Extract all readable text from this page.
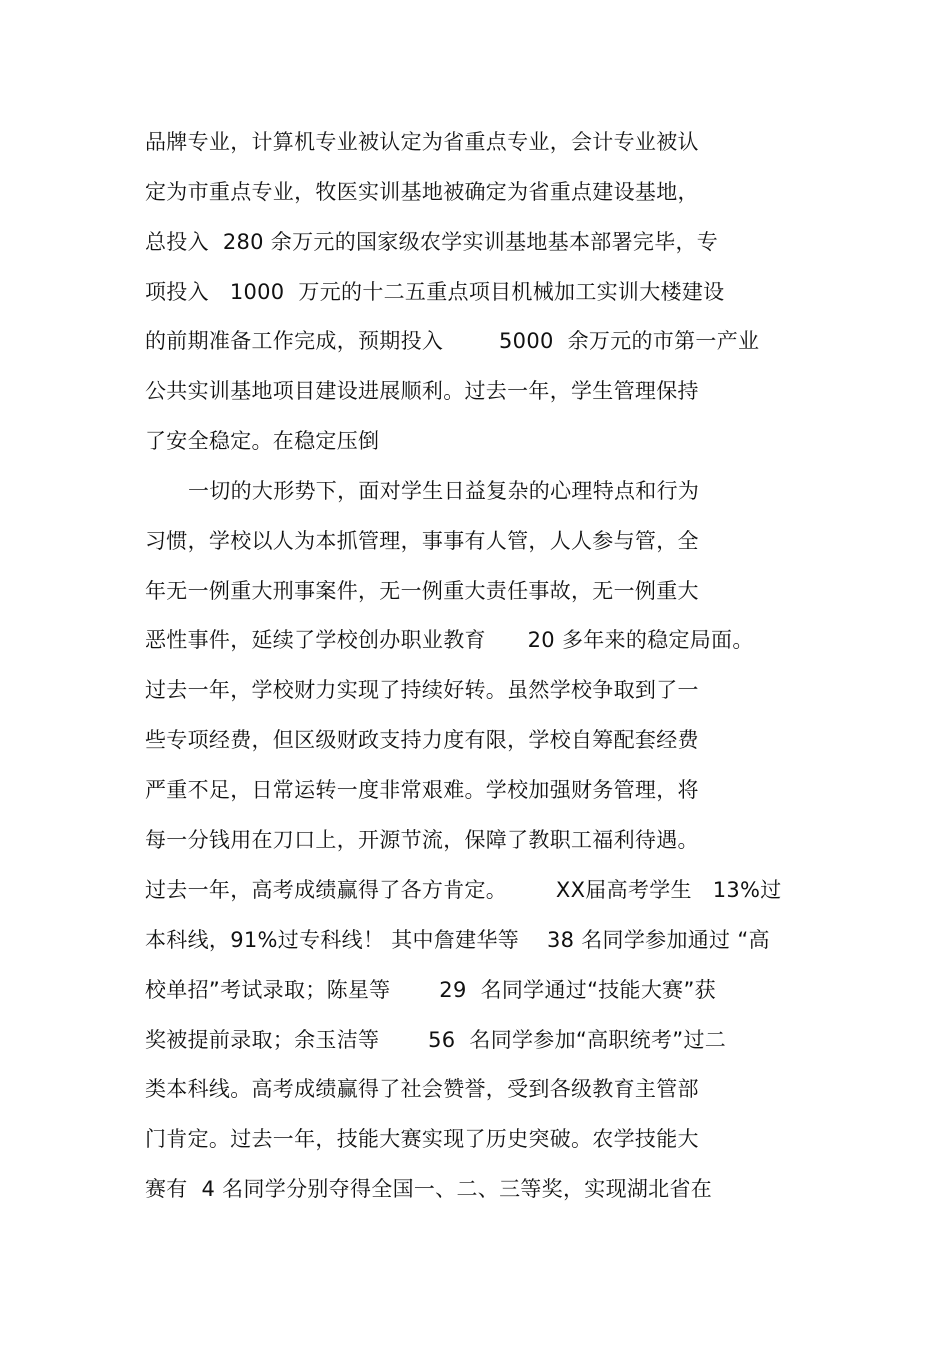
品牌专业，计算机专业被认定为省重点专业，会计专业被认
定为市重点专业，牧医实训基地被确定为省重点建设基地，
总投入  280 余万元的国家级农学实训基地基本部署完毕，专
项投入   1000  万元的十二五重点项目机械加工实训大楼建设
的前期准备工作完成，预期投入        5000  余万元的市第一产业
公共实训基地项目建设进展顺利。过去一年，学生管理保持
了安全稳定。在稳定压倒
一切的大形势下，面对学生日益复杂的心理特点和行为
习惯，学校以人为本抓管理，事事有人管，人人参与管，全
年无一例重大刑事案件，无一例重大责任事故，无一例重大
恶性事件，延续了学校创办职业教育      20 多年来的稳定局面。
过去一年，学校财力实现了持续好转。虽然学校争取到了一
些专项经费，但区级财政支持力度有限，学校自筹配套经费
严重不足，日常运转一度非常艰难。学校加强财务管理，将
每一分钱用在刀口上，开源节流，保障了教职工福利待遇。
过去一年，高考成绩赢得了各方肯定。       XX届高考学生   13%过
本科线，91%过专科线！ 其中詹建华等    38 名同学参加通过 “高
校单招”考试录取；陈星等       29  名同学通过“技能大赛”获
奖被提前录取；余玉洁等       56  名同学参加“高职统考”过二
类本科线。高考成绩赢得了社会赞誉，受到各级教育主管部
门肯定。过去一年，技能大赛实现了历史突破。农学技能大
赛有  4 名同学分别夺得全国一、二、三等奖，实现湖北省在
